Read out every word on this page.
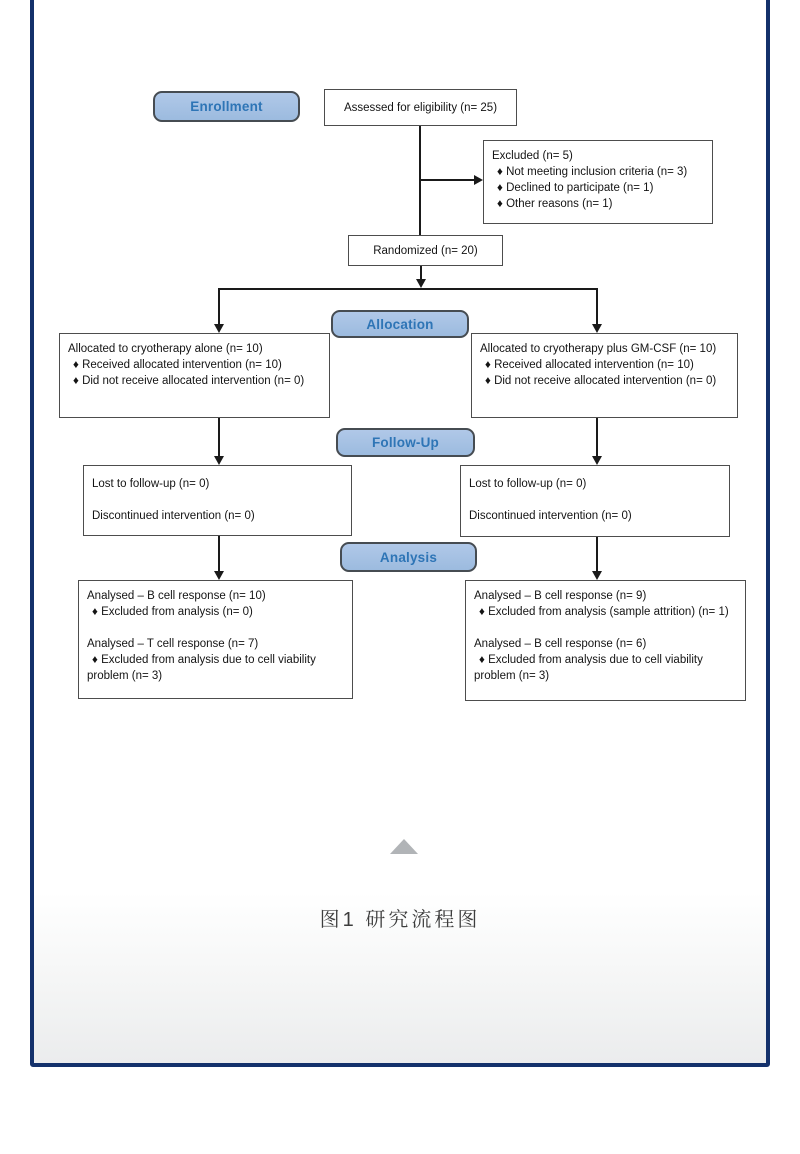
Enrollment	Assessed for eligibility (n= 25)
Excluded (n= 5)
♦ Not meeting inclusion criteria (n= 3)
♦ Declined to participate (n= 1)
♦ Other reasons (n= 1)
Randomized (n= 20)
Allocation
Allocated to cryotherapy alone (n= 10)
♦ Received allocated intervention (n= 10)
♦ Did not receive allocated intervention (n= 0)
Allocated to cryotherapy plus GM-CSF (n= 10)
♦ Received allocated intervention (n= 10)
♦ Did not receive allocated intervention (n= 0)
Follow-Up
Lost to follow-up (n= 0)
Discontinued intervention (n= 0)
Lost to follow-up (n= 0)
Discontinued intervention (n= 0)
Analysis
Analysed – B cell response (n= 10)
♦ Excluded from analysis (n= 0)
Analysed – T cell response (n= 7)
♦ Excluded from analysis due to cell viability
problem (n= 3)
Analysed – B cell response (n= 9)
♦ Excluded from analysis (sample attrition) (n= 1)
Analysed – B cell response (n= 6)
♦ Excluded from analysis due to cell viability
problem (n= 3)
图1 研究流程图
